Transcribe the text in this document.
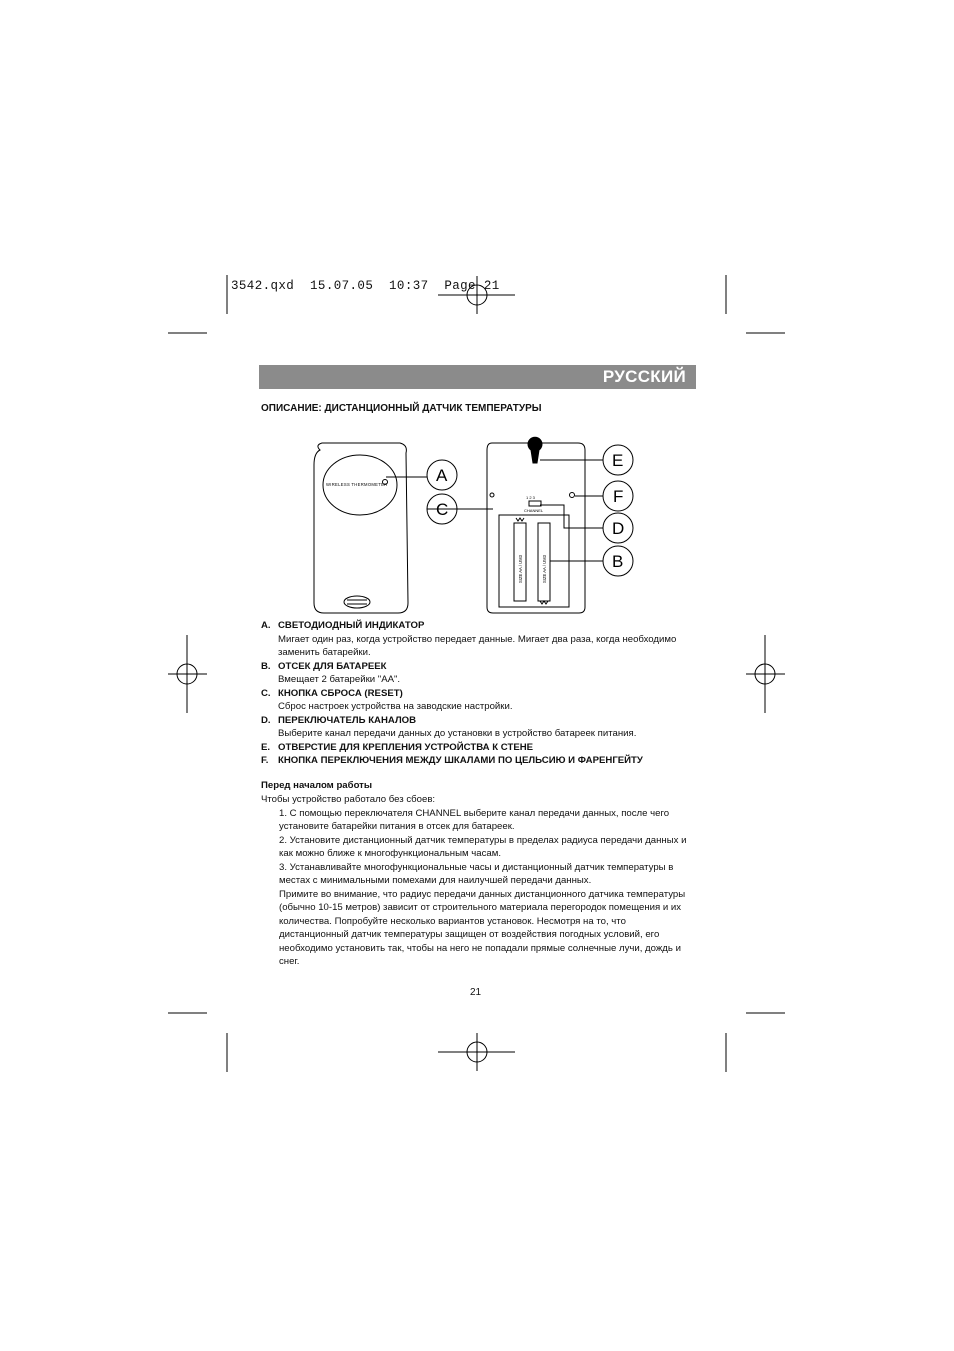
3542.qxd  15.07.05  10:37  Page 21
РУССКИЙ
ОПИСАНИЕ: ДИСТАНЦИОННЫЙ ДАТЧИК ТЕМПЕРАТУРЫ
WIRELESS THERMOMETER
1 2 3
CHANNEL
SIZE AA / UM3	SIZE AA / UM3
A
C
E
F
D
B
A. СВЕТОДИОДНЫЙ ИНДИКАТОР
Мигает один раз, когда устройство передает данные. Мигает два раза, когда необходимо
заменить батарейки.
B. ОТСЕК ДЛЯ БАТАРЕЕК
Вмещает 2 батарейки "АА".
C. КНОПКА СБРОСА (RESET)
Сброс настроек устройства на заводские настройки.
D. ПЕРЕКЛЮЧАТЕЛЬ КАНАЛОВ
Выберите канал передачи данных до установки в устройство батареек питания.
E. ОТВЕРСТИЕ ДЛЯ КРЕПЛЕНИЯ УСТРОЙСТВА К СТЕНЕ
F. КНОПКА ПЕРЕКЛЮЧЕНИЯ МЕЖДУ ШКАЛАМИ ПО ЦЕЛЬСИЮ И ФАРЕНГЕЙТУ
Перед началом работы
Чтобы устройство работало без сбоев:
1. С помощью переключателя CHANNEL выберите канал передачи данных, после чего
установите батарейки питания в отсек для батареек.
2. Установите дистанционный датчик температуры в пределах радиуса передачи данных и
как можно ближе к многофункциональным часам.
3. Устанавливайте многофункциональные часы и дистанционный датчик температуры в
местах с минимальными помехами для наилучшей передачи данных.
Примите во внимание, что радиус передачи данных дистанционного датчика температуры
(обычно 10-15 метров) зависит от строительного материала перегородок помещения и их
количества. Попробуйте несколько вариантов установок. Несмотря на то, что
дистанционный датчик температуры защищен от воздействия погодных условий, его
необходимо установить так, чтобы на него не попадали прямые солнечные лучи, дождь и
снег.
21
